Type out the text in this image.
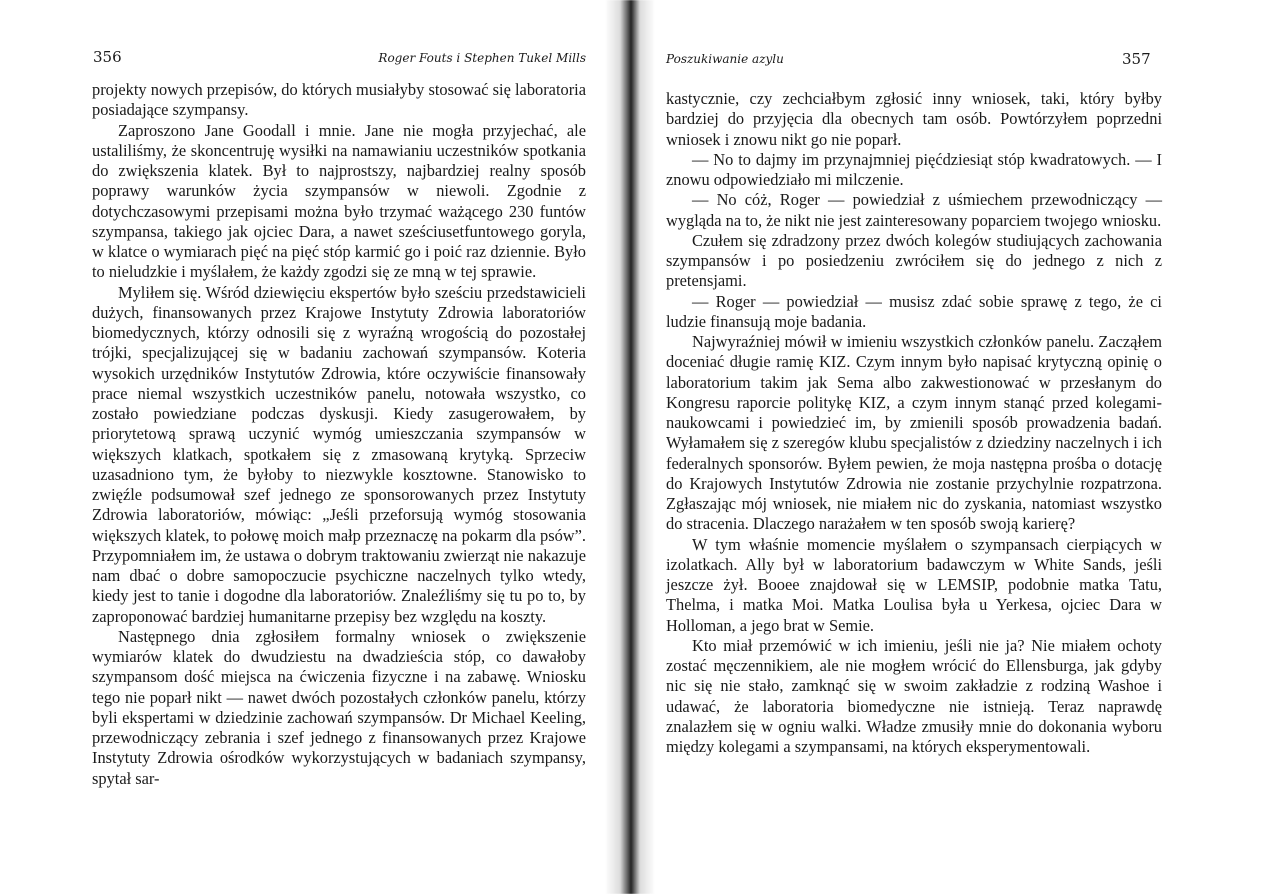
356	Roger Fouts i Stephen Tukel Mills

projekty nowych przepisów, do których musiałyby stosować się laboratoria posiadające szympansy.

Zaproszono Jane Goodall i mnie. Jane nie mogła przyjechać, ale ustaliliśmy, że skoncentruję wysiłki na namawianiu uczestników spotkania do zwiększenia klatek. Był to najprostszy, najbardziej realny sposób poprawy warunków życia szympansów w niewoli. Zgodnie z dotychczasowymi przepisami można było trzymać ważącego 230 funtów szympansa, takiego jak ojciec Dara, a nawet sześciusetfuntowego goryla, w klatce o wymiarach pięć na pięć stóp karmić go i poić raz dziennie. Było to nieludzkie i myślałem, że każdy zgodzi się ze mną w tej sprawie.

Myliłem się. Wśród dziewięciu ekspertów było sześciu przedstawicieli dużych, finansowanych przez Krajowe Instytuty Zdrowia laboratoriów biomedycznych, którzy odnosili się z wyraźną wrogością do pozostałej trójki, specjalizującej się w badaniu zachowań szympansów. Koteria wysokich urzędników Instytutów Zdrowia, które oczywiście finansowały prace niemal wszystkich uczestników panelu, notowała wszystko, co zostało powiedziane podczas dyskusji. Kiedy zasugerowałem, by priorytetową sprawą uczynić wymóg umieszczania szympansów w większych klatkach, spotkałem się z zmasowaną krytyką. Sprzeciw uzasadniono tym, że byłoby to niezwykle kosztowne. Stanowisko to zwięźle podsumował szef jednego ze sponsorowanych przez Instytuty Zdrowia laboratoriów, mówiąc: „Jeśli przeforsują wymóg stosowania większych klatek, to połowę moich małp przeznaczę na pokarm dla psów”. Przypomniałem im, że ustawa o dobrym traktowaniu zwierząt nie nakazuje nam dbać o dobre samopoczucie psychiczne naczelnych tylko wtedy, kiedy jest to tanie i dogodne dla laboratoriów. Znaleźliśmy się tu po to, by zaproponować bardziej humanitarne przepisy bez względu na koszty.

Następnego dnia zgłosiłem formalny wniosek o zwiększenie wymiarów klatek do dwudziestu na dwadzieścia stóp, co dawałoby szympansom dość miejsca na ćwiczenia fizyczne i na zabawę. Wniosku tego nie poparł nikt — nawet dwóch pozostałych członków panelu, którzy byli ekspertami w dziedzinie zachowań szympansów. Dr Michael Keeling, przewodniczący zebrania i szef jednego z finansowanych przez Krajowe Instytuty Zdrowia ośrodków wykorzystujących w badaniach szympansy, spytał sar-

Poszukiwanie azylu	357

kastycznie, czy zechciałbym zgłosić inny wniosek, taki, który byłby bardziej do przyjęcia dla obecnych tam osób. Powtórzyłem poprzedni wniosek i znowu nikt go nie poparł.

— No to dajmy im przynajmniej pięćdziesiąt stóp kwadratowych. — I znowu odpowiedziało mi milczenie.

— No cóż, Roger — powiedział z uśmiechem przewodniczący — wygląda na to, że nikt nie jest zainteresowany poparciem twojego wniosku.

Czułem się zdradzony przez dwóch kolegów studiujących zachowania szympansów i po posiedzeniu zwróciłem się do jednego z nich z pretensjami.

— Roger — powiedział — musisz zdać sobie sprawę z tego, że ci ludzie finansują moje badania.

Najwyraźniej mówił w imieniu wszystkich członków panelu. Zacząłem doceniać długie ramię KIZ. Czym innym było napisać krytyczną opinię o laboratorium takim jak Sema albo zakwestionować w przesłanym do Kongresu raporcie politykę KIZ, a czym innym stanąć przed kolegami-naukowcami i powiedzieć im, by zmienili sposób prowadzenia badań. Wyłamałem się z szeregów klubu specjalistów z dziedziny naczelnych i ich federalnych sponsorów. Byłem pewien, że moja następna prośba o dotację do Krajowych Instytutów Zdrowia nie zostanie przychylnie rozpatrzona. Zgłaszając mój wniosek, nie miałem nic do zyskania, natomiast wszystko do stracenia. Dlaczego narażałem w ten sposób swoją karierę?

W tym właśnie momencie myślałem o szympansach cierpiących w izolatkach. Ally był w laboratorium badawczym w White Sands, jeśli jeszcze żył. Booee znajdował się w LEMSIP, podobnie matka Tatu, Thelma, i matka Moi. Matka Loulisa była u Yerkesa, ojciec Dara w Holloman, a jego brat w Semie.

Kto miał przemówić w ich imieniu, jeśli nie ja? Nie miałem ochoty zostać męczennikiem, ale nie mogłem wrócić do Ellensburga, jak gdyby nic się nie stało, zamknąć się w swoim zakładzie z rodziną Washoe i udawać, że laboratoria biomedyczne nie istnieją. Teraz naprawdę znalazłem się w ogniu walki. Władze zmusiły mnie do dokonania wyboru między kolegami a szympansami, na których eksperymentowali.
